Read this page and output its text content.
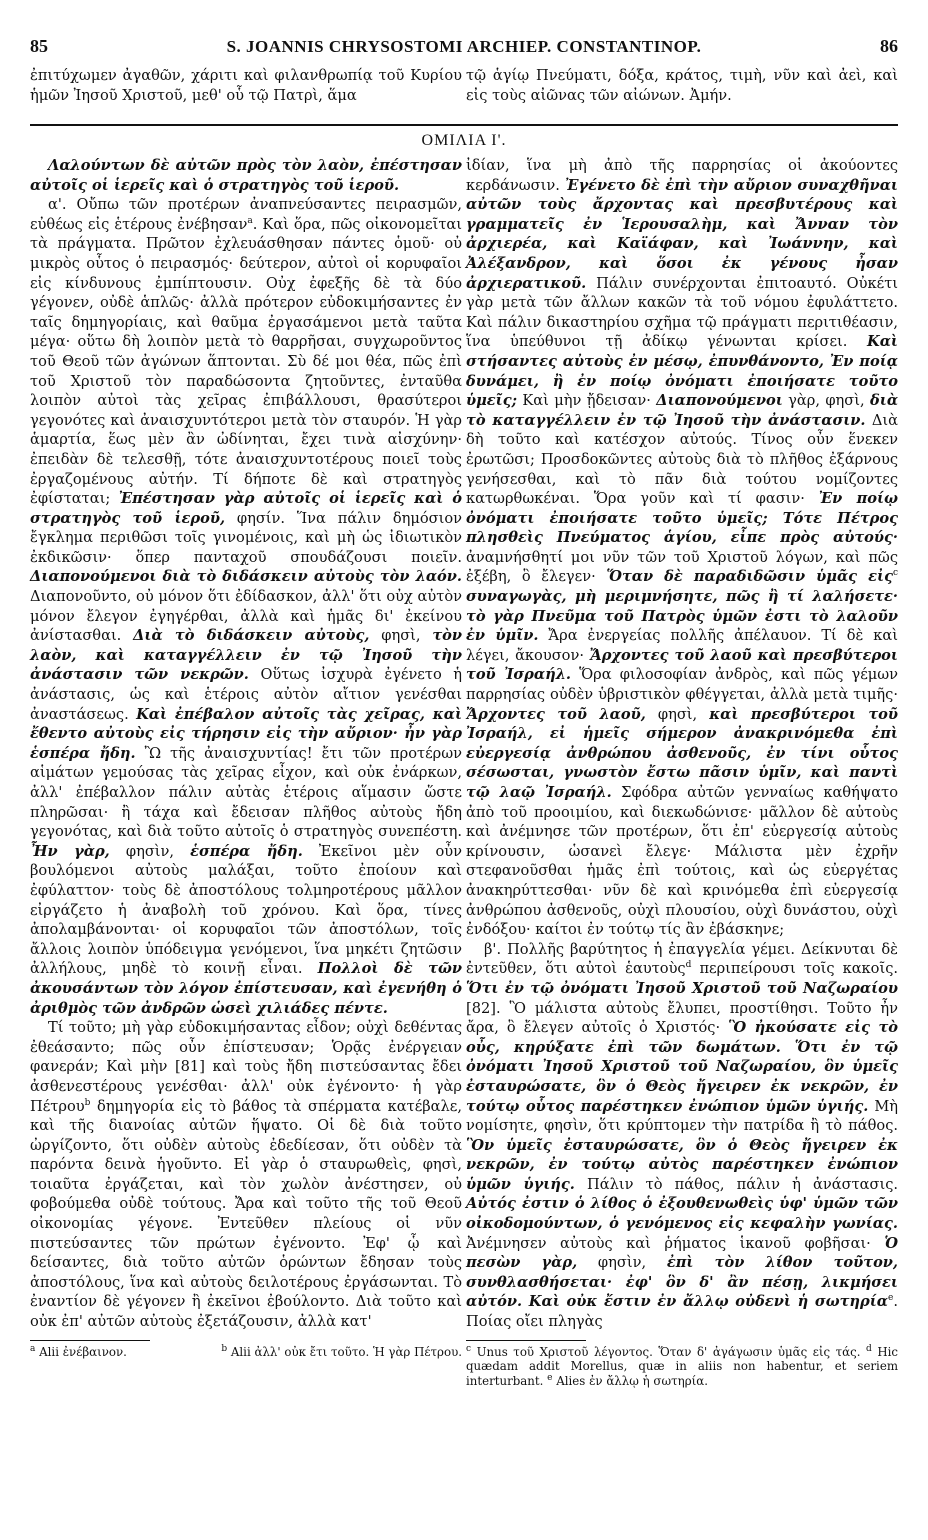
85	S. JOANNIS CHRYSOSTOMI ARCHIEP. CONSTANTINOP.	86

ἐπιτύχωμεν ἀγαθῶν, χάριτι καὶ φιλανθρωπίᾳ τοῦ Κυρίου ἡμῶν Ἰησοῦ Χριστοῦ, μεθ' οὗ τῷ Πατρὶ, ἅμα

τῷ ἁγίῳ Πνεύματι, δόξα, κράτος, τιμὴ, νῦν καὶ ἀεὶ, καὶ εἰς τοὺς αἰῶνας τῶν αἰώνων. Ἀμήν.

ΟΜΙΛΙΑ Ι'.

Λαλούντων δὲ αὐτῶν πρὸς τὸν λαὸν, ἐπέστησαν αὐτοῖς οἱ ἱερεῖς καὶ ὁ στρατηγὸς τοῦ ἱεροῦ.

α'. Οὔπω τῶν προτέρων ἀναπνεύσαντες πειρασμῶν, εὐθέως εἰς ἑτέρους ἐνέβησαν$^a$. Καὶ ὅρα, πῶς οἰκονομεῖται τὰ πράγματα. Πρῶτον ἐχλευάσθησαν πάντες ὁμοῦ· οὐ μικρὸς οὗτος ὁ πειρασμός· δεύτερον, αὐτοὶ οἱ κορυφαῖοι εἰς κίνδυνους ἐμπίπτουσιν. Οὐχ ἐφεξῆς δὲ τὰ δύο γέγονεν, οὐδὲ ἁπλῶς· ἀλλὰ πρότερον εὐδοκιμήσαντες ἐν ταῖς δημηγορίαις, καὶ θαῦμα ἐργασάμενοι μετὰ ταῦτα μέγα· οὕτω δὴ λοιπὸν μετὰ τὸ θαρρῆσαι, συγχωροῦντος τοῦ Θεοῦ τῶν ἀγώνων ἅπτονται. Σὺ δέ μοι θέα, πῶς ἐπὶ τοῦ Χριστοῦ τὸν παραδώσοντα ζητοῦντες, ἐνταῦθα λοιπὸν αὐτοὶ τὰς χεῖρας ἐπιβάλλουσι, θρασύτεροι γεγονότες καὶ ἀναισχυντότεροι μετὰ τὸν σταυρόν. Ἡ γὰρ ἁμαρτία, ἕως μὲν ἂν ὠδίνηται, ἔχει τινὰ αἰσχύνην· ἐπειδὰν δὲ τελεσθῇ, τότε ἀναισχυντοτέρους ποιεῖ τοὺς ἐργαζομένους αὐτήν. Τί δήποτε δὲ καὶ στρατηγὸς ἐφίσταται; Ἐπέστησαν γὰρ αὐτοῖς οἱ ἱερεῖς καὶ ὁ στρατηγὸς τοῦ ἱεροῦ, φησίν. Ἵνα πάλιν δημόσιον ἔγκλημα περιθῶσι τοῖς γινομένοις, καὶ μὴ ὡς ἰδιωτικὸν ἐκδικῶσιν· ὅπερ πανταχοῦ σπουδάζουσι ποιεῖν. Διαπονούμενοι διὰ τὸ διδάσκειν αὐτοὺς τὸν λαόν. Διαπονοῦντο, οὐ μόνον ὅτι ἐδίδασκον, ἀλλ' ὅτι οὐχ αὐτὸν μόνον ἔλεγον ἐγηγέρθαι, ἀλλὰ καὶ ἡμᾶς δι' ἐκείνου ἀνίστασθαι. Διὰ τὸ διδάσκειν αὐτοὺς, φησὶ, τὸν λαὸν, καὶ καταγγέλλειν ἐν τῷ Ἰησοῦ τὴν ἀνάστασιν τῶν νεκρῶν. Οὕτως ἰσχυρὰ ἐγένετο ἡ ἀνάστασις, ὡς καὶ ἑτέροις αὐτὸν αἴτιον γενέσθαι ἀναστάσεως. Καὶ ἐπέβαλον αὐτοῖς τὰς χεῖρας, καὶ ἔθεντο αὐτοὺς εἰς τήρησιν εἰς τὴν αὔριον· ἦν γὰρ ἑσπέρα ἤδη. Ὢ τῆς ἀναισχυντίας! ἔτι τῶν προτέρων αἱμάτων γεμούσας τὰς χεῖρας εἶχον, καὶ οὐκ ἐνάρκων, ἀλλ' ἐπέβαλλον πάλιν αὐτὰς ἑτέροις αἵμασιν ὥστε πληρῶσαι· ἢ τάχα καὶ ἔδεισαν πλῆθος αὐτοὺς ἤδη γεγονότας, καὶ διὰ τοῦτο αὐτοῖς ὁ στρατηγὸς συνεπέστη. Ἦν γὰρ, φησὶν, ἑσπέρα ἤδη. Ἐκεῖνοι μὲν οὖν βουλόμενοι αὐτοὺς μαλάξαι, τοῦτο ἐποίουν καὶ ἐφύλαττον· τοὺς δὲ ἀποστόλους τολμηροτέρους μᾶλλον εἰργάζετο ἡ ἀναβολὴ τοῦ χρόνου. Καὶ ὅρα, τίνες ἀπολαμβάνονται· οἱ κορυφαῖοι τῶν ἀποστόλων, τοῖς ἄλλοις λοιπὸν ὑπόδειγμα γενόμενοι, ἵνα μηκέτι ζητῶσιν ἀλλήλους, μηδὲ τὸ κοινῇ εἶναι. Πολλοὶ δὲ τῶν ἀκουσάντων τὸν λόγον ἐπίστευσαν, καὶ ἐγενήθη ὁ ἀριθμὸς τῶν ἀνδρῶν ὡσεὶ χιλιάδες πέντε.

Τί τοῦτο; μὴ γὰρ εὐδοκιμήσαντας εἶδον; οὐχὶ δεθέντας ἐθεάσαντο; πῶς οὖν ἐπίστευσαν; Ὁρᾷς ἐνέργειαν φανεράν; Καὶ μὴν [81] καὶ τοὺς ἤδη πιστεύσαντας ἔδει ἀσθενεστέρους γενέσθαι· ἀλλ' οὐκ ἐγένοντο· ἡ γὰρ Πέτρου$^b$ δημηγορία εἰς τὸ βάθος τὰ σπέρματα κατέβαλε, καὶ τῆς διανοίας αὐτῶν ἥψατο. Οἱ δὲ διὰ τοῦτο ὠργίζοντο, ὅτι οὐδὲν αὐτοὺς ἐδεδίεσαν, ὅτι οὐδὲν τὰ παρόντα δεινὰ ἡγοῦντο. Εἰ γὰρ ὁ σταυρωθεὶς, φησὶ, τοιαῦτα ἐργάζεται, καὶ τὸν χωλὸν ἀνέστησεν, οὐ φοβούμεθα οὐδὲ τούτους. Ἄρα καὶ τοῦτο τῆς τοῦ Θεοῦ οἰκονομίας γέγονε. Ἐντεῦθεν πλείους οἱ νῦν πιστεύσαντες τῶν πρώτων ἐγένοντο. Ἐφ' ᾧ καὶ δείσαντες, διὰ τοῦτο αὐτῶν ὁρώντων ἔδησαν τοὺς ἀποστόλους, ἵνα καὶ αὐτοὺς δειλοτέρους ἐργάσωνται. Τὸ ἐναντίον δὲ γέγονεν ἢ ἐκεῖνοι ἐβούλοντο. Διὰ τοῦτο καὶ οὐκ ἐπ' αὐτῶν αὐτοὺς ἐξετάζουσιν, ἀλλὰ κατ'

$^a$ Alii ἐνέβαινον.	$^b$ Alii ἀλλ' οὐκ ἔτι τοῦτο. Ἡ γὰρ Πέτρου.

ἰδίαν, ἵνα μὴ ἀπὸ τῆς παρρησίας οἱ ἀκούοντες κερδάνωσιν. Ἐγένετο δὲ ἐπὶ τὴν αὔριον συναχθῆναι αὐτῶν τοὺς ἄρχοντας καὶ πρεσβυτέρους καὶ γραμματεῖς ἐν Ἱερουσαλὴμ, καὶ Ἄνναν τὸν ἀρχιερέα, καὶ Καϊάφαν, καὶ Ἰωάννην, καὶ Ἀλέξανδρον, καὶ ὅσοι ἐκ γένους ἦσαν ἀρχιερατικοῦ. Πάλιν συνέρχονται ἐπιτοαυτό. Οὐκέτι γὰρ μετὰ τῶν ἄλλων κακῶν τὰ τοῦ νόμου ἐφυλάττετο. Καὶ πάλιν δικαστηρίου σχῆμα τῷ πράγματι περιτιθέασιν, ἵνα ὑπεύθυνοι τῇ ἀδίκῳ γένωνται κρίσει. Καὶ στήσαντες αὐτοὺς ἐν μέσῳ, ἐπυνθάνοντο, Ἐν ποίᾳ δυνάμει, ἢ ἐν ποίῳ ὀνόματι ἐποιήσατε τοῦτο ὑμεῖς; Καὶ μὴν ᾔδεισαν· Διαπονούμενοι γὰρ, φησὶ, διὰ τὸ καταγγέλλειν ἐν τῷ Ἰησοῦ τὴν ἀνάστασιν. Διὰ δὴ τοῦτο καὶ κατέσχον αὐτούς. Τίνος οὖν ἕνεκεν ἐρωτῶσι; Προσδοκῶντες αὐτοὺς διὰ τὸ πλῆθος ἐξάρνους γενήσεσθαι, καὶ τὸ πᾶν διὰ τούτου νομίζοντες κατωρθωκέναι. Ὅρα γοῦν καὶ τί φασιν· Ἐν ποίῳ ὀνόματι ἐποιήσατε τοῦτο ὑμεῖς; Τότε Πέτρος πλησθεὶς Πνεύματος ἁγίου, εἶπε πρὸς αὐτούς· ἀναμνήσθητί μοι νῦν τῶν τοῦ Χριστοῦ λόγων, καὶ πῶς ἐξέβη, ὃ ἔλεγεν· Ὅταν δὲ παραδιδῶσιν ὑμᾶς εἰς$^c$ συναγωγὰς, μὴ μεριμνήσητε, πῶς ἢ τί λαλήσετε· τὸ γὰρ Πνεῦμα τοῦ Πατρὸς ὑμῶν ἐστι τὸ λαλοῦν ἐν ὑμῖν. Ἄρα ἐνεργείας πολλῆς ἀπέλαυον. Τί δὲ καὶ λέγει, ἄκουσον· Ἄρχοντες τοῦ λαοῦ καὶ πρεσβύτεροι τοῦ Ἰσραήλ. Ὅρα φιλοσοφίαν ἀνδρὸς, καὶ πῶς γέμων παρρησίας οὐδὲν ὑβριστικὸν φθέγγεται, ἀλλὰ μετὰ τιμῆς· Ἄρχοντες τοῦ λαοῦ, φησὶ, καὶ πρεσβύτεροι τοῦ Ἰσραήλ, εἰ ἡμεῖς σήμερον ἀνακρινόμεθα ἐπὶ εὐεργεσίᾳ ἀνθρώπου ἀσθενοῦς, ἐν τίνι οὗτος σέσωσται, γνωστὸν ἔστω πᾶσιν ὑμῖν, καὶ παντὶ τῷ λαῷ Ἰσραήλ. Σφόδρα αὐτῶν γενναίως καθήψατο ἀπὸ τοῦ προοιμίου, καὶ διεκωδώνισε· μᾶλλον δὲ αὐτοὺς καὶ ἀνέμνησε τῶν προτέρων, ὅτι ἐπ' εὐεργεσίᾳ αὐτοὺς κρίνουσιν, ὡσανεὶ ἔλεγε· Μάλιστα μὲν ἐχρῆν στεφανοῦσθαι ἡμᾶς ἐπὶ τούτοις, καὶ ὡς εὐεργέτας ἀνακηρύττεσθαι· νῦν δὲ καὶ κρινόμεθα ἐπὶ εὐεργεσίᾳ ἀνθρώπου ἀσθενοῦς, οὐχὶ πλουσίου, οὐχὶ δυνάστου, οὐχὶ ἐνδόξου· καίτοι ἐν τούτῳ τίς ἂν ἐβάσκηνε;

β'. Πολλῆς βαρύτητος ἡ ἐπαγγελία γέμει. Δείκνυται δὲ ἐντεῦθεν, ὅτι αὐτοὶ ἑαυτοὺς$^d$ περιπείρουσι τοῖς κακοῖς. Ὅτι ἐν τῷ ὀνόματι Ἰησοῦ Χριστοῦ τοῦ Ναζωραίου [82]. Ὃ μάλιστα αὐτοὺς ἔλυπει, προστίθησι. Τοῦτο ἦν ἄρα, ὃ ἔλεγεν αὐτοῖς ὁ Χριστός· Ὃ ἠκούσατε εἰς τὸ οὖς, κηρύξατε ἐπὶ τῶν δωμάτων. Ὅτι ἐν τῷ ὀνόματι Ἰησοῦ Χριστοῦ τοῦ Ναζωραίου, ὃν ὑμεῖς ἐσταυρώσατε, ὃν ὁ Θεὸς ἤγειρεν ἐκ νεκρῶν, ἐν τούτῳ οὗτος παρέστηκεν ἐνώπιον ὑμῶν ὑγιής. Μὴ νομίσητε, φησὶν, ὅτι κρύπτομεν τὴν πατρίδα ἢ τὸ πάθος. Ὃν ὑμεῖς ἐσταυρώσατε, ὃν ὁ Θεὸς ἤγειρεν ἐκ νεκρῶν, ἐν τούτῳ αὐτὸς παρέστηκεν ἐνώπιον ὑμῶν ὑγιής. Πάλιν τὸ πάθος, πάλιν ἡ ἀνάστασις. Αὐτός ἐστιν ὁ λίθος ὁ ἐξουθενωθεὶς ὑφ' ὑμῶν τῶν οἰκοδομούντων, ὁ γενόμενος εἰς κεφαλὴν γωνίας. Ἀνέμνησεν αὐτοὺς καὶ ῥήματος ἱκανοῦ φοβῆσαι· Ὁ πεσὼν γὰρ, φησὶν, ἐπὶ τὸν λίθον τοῦτον, συνθλασθήσεται· ἐφ' ὃν δ' ἂν πέσῃ, λικμήσει αὐτόν. Καὶ οὐκ ἔστιν ἐν ἄλλῳ οὐδενὶ ἡ σωτηρία$^e$. Ποίας οἴει πληγὰς

$^c$ Unus τοῦ Χριστοῦ λέγοντος. Ὅταν δ' ἀγάγωσιν ὑμᾶς εἰς τάς. $^d$ Hic quædam addit Morellus, quæ in aliis non habentur, et seriem interturbant. $^e$ Alies ἐν ἄλλῳ ἡ σωτηρία.
